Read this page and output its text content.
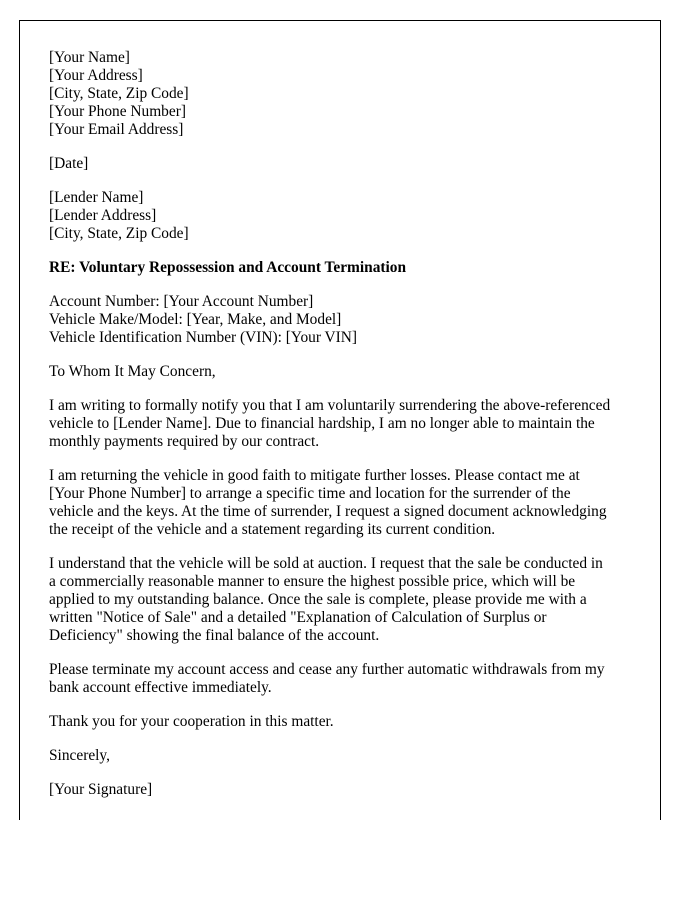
[Your Name]
[Your Address]
[City, State, Zip Code]
[Your Phone Number]
[Your Email Address]
[Date]
[Lender Name]
[Lender Address]
[City, State, Zip Code]
RE: Voluntary Repossession and Account Termination
Account Number: [Your Account Number]
Vehicle Make/Model: [Year, Make, and Model]
Vehicle Identification Number (VIN): [Your VIN]
To Whom It May Concern,
I am writing to formally notify you that I am voluntarily surrendering the above-referenced
vehicle to [Lender Name]. Due to financial hardship, I am no longer able to maintain the
monthly payments required by our contract.
I am returning the vehicle in good faith to mitigate further losses. Please contact me at
[Your Phone Number] to arrange a specific time and location for the surrender of the
vehicle and the keys. At the time of surrender, I request a signed document acknowledging
the receipt of the vehicle and a statement regarding its current condition.
I understand that the vehicle will be sold at auction. I request that the sale be conducted in
a commercially reasonable manner to ensure the highest possible price, which will be
applied to my outstanding balance. Once the sale is complete, please provide me with a
written "Notice of Sale" and a detailed "Explanation of Calculation of Surplus or
Deficiency" showing the final balance of the account.
Please terminate my account access and cease any further automatic withdrawals from my
bank account effective immediately.
Thank you for your cooperation in this matter.
Sincerely,
[Your Signature]
